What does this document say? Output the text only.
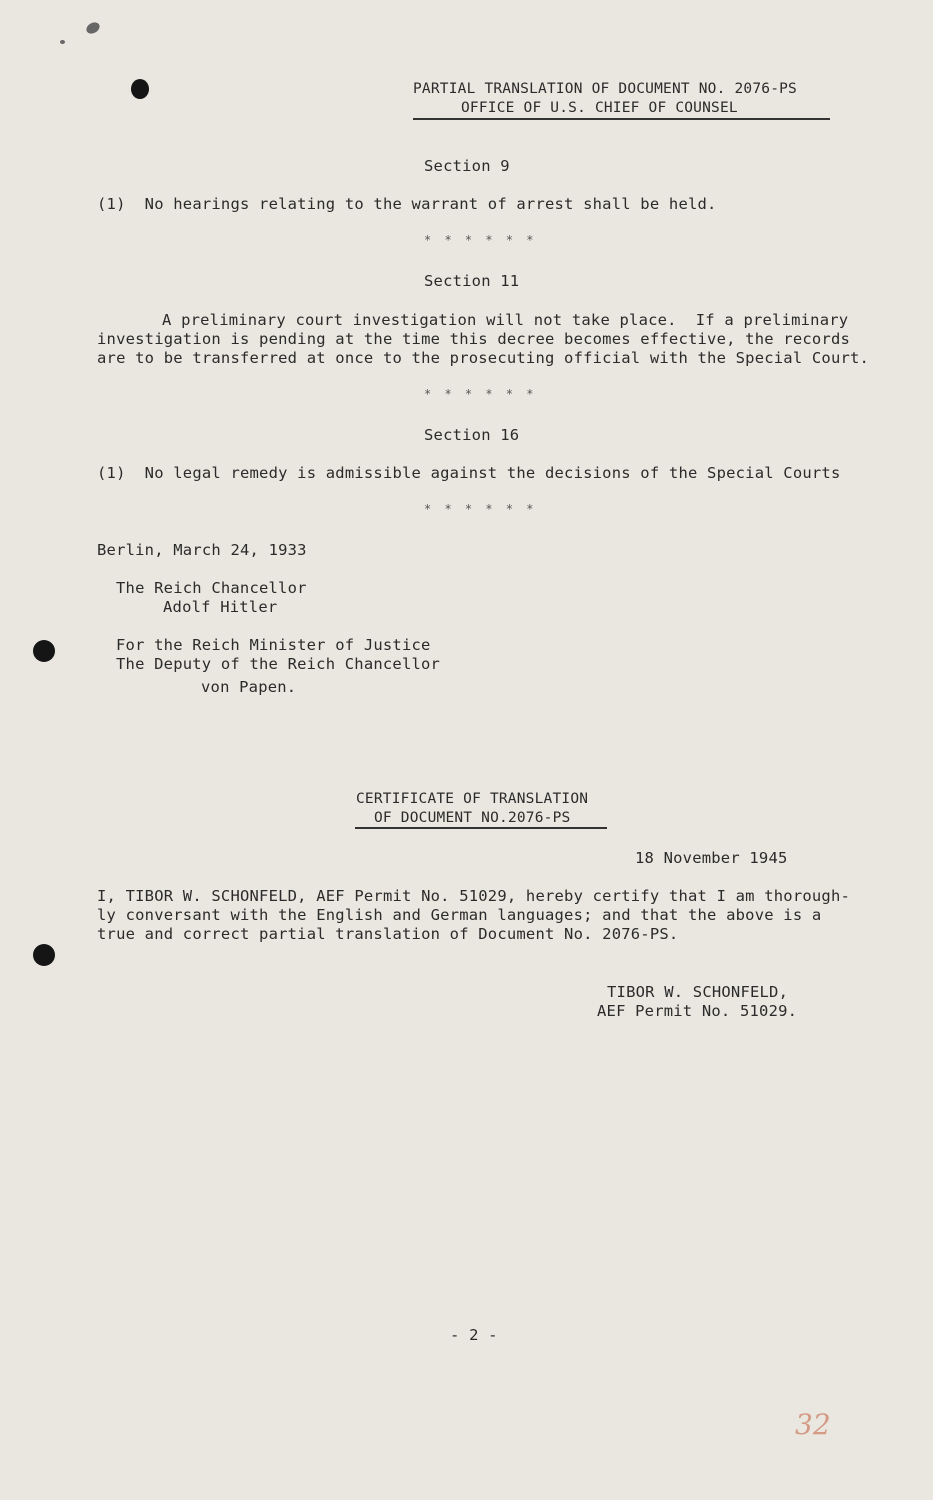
PARTIAL TRANSLATION OF DOCUMENT NO. 2076-PS
OFFICE OF U.S. CHIEF OF COUNSEL
Section 9
(1)  No hearings relating to the warrant of arrest shall be held.
* * * * * *
Section 11
A preliminary court investigation will not take place.  If a preliminary
investigation is pending at the time this decree becomes effective, the records
are to be transferred at once to the prosecuting official with the Special Court.
* * * * * *
Section 16
(1)  No legal remedy is admissible against the decisions of the Special Courts
* * * * * *
Berlin, March 24, 1933
The Reich Chancellor
Adolf Hitler
For the Reich Minister of Justice
The Deputy of the Reich Chancellor
von Papen.
CERTIFICATE OF TRANSLATION
OF DOCUMENT NO.2076-PS
18 November 1945
I, TIBOR W. SCHONFELD, AEF Permit No. 51029, hereby certify that I am thorough-
ly conversant with the English and German languages; and that the above is a
true and correct partial translation of Document No. 2076-PS.
TIBOR W. SCHONFELD,
AEF Permit No. 51029.
- 2 -
32
